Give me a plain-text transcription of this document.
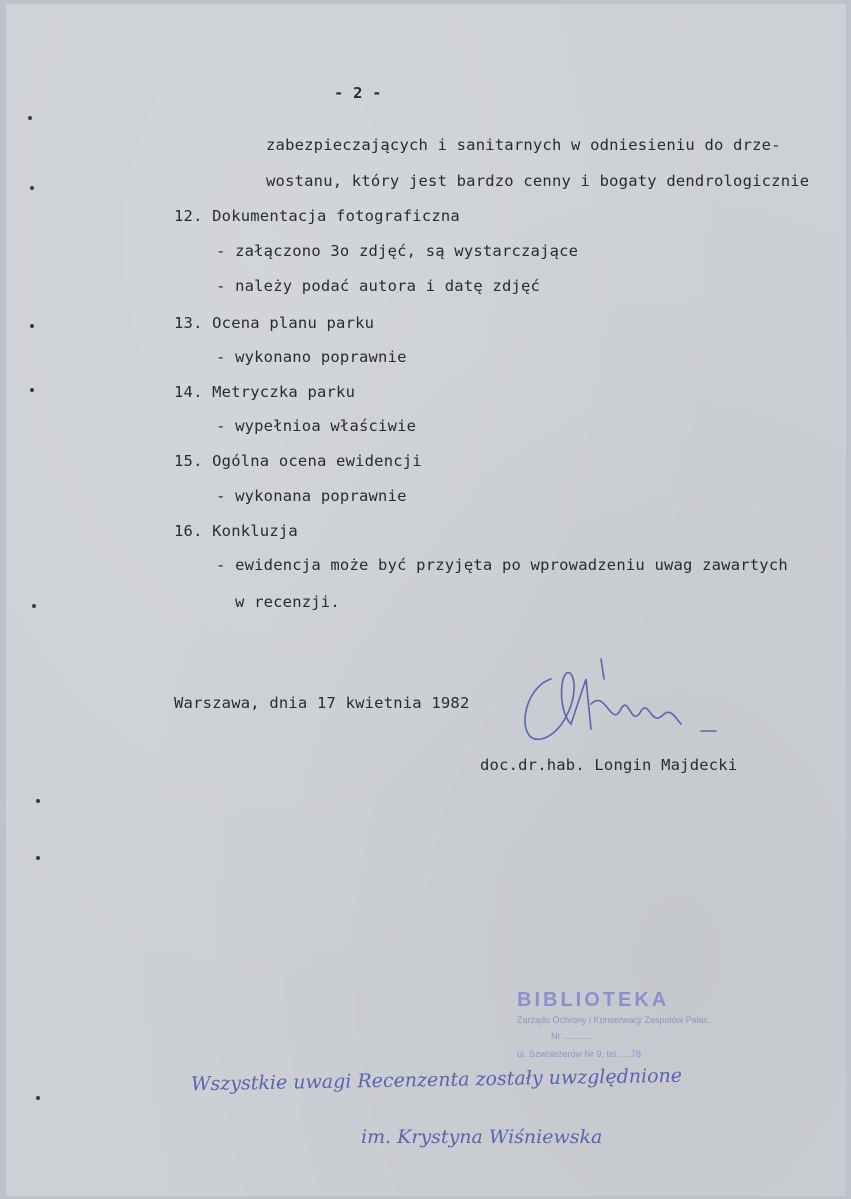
- 2 -
zabezpieczających i sanitarnych w odniesieniu do drze-
wostanu, który jest bardzo cenny i bogaty dendrologicznie
12. Dokumentacja fotograficzna
- załączono 3o zdjęć, są wystarczające
- należy podać autora i datę zdjęć
13. Ocena planu parku
- wykonano poprawnie
14. Metryczka parku
- wypełnioa właściwie
15. Ogólna ocena ewidencji
- wykonana poprawnie
16. Konkluzja
- ewidencja może być przyjęta po wprowadzeniu uwag zawartych
w recenzji.
Warszawa, dnia 17 kwietnia 1982
doc.dr.hab. Longin Majdecki
BIBLIOTEKA
Zarządu Ochrony i Konserwacji Zespołów Pałac.
Nr ............
ul. Szwoleżerów Nr 9, tel. ....78
Wszystkie uwagi Recenzenta zostały uwzględnione
im. Krystyna Wiśniewska
